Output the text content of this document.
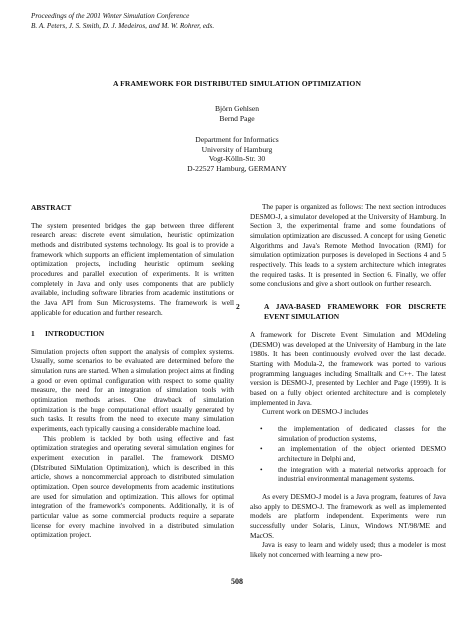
Proceedings of the 2001 Winter Simulation Conference
B. A. Peters, J. S. Smith, D. J. Medeiros, and M. W. Rohrer, eds.
A FRAMEWORK FOR DISTRIBUTED SIMULATION OPTIMIZATION
Björn Gehlsen
Bernd Page
Department for Informatics
University of Hamburg
Vogt-Kölln-Str. 30
D-22527 Hamburg, GERMANY
ABSTRACT

The system presented bridges the gap between three different research areas: discrete event simulation, heuristic optimization methods and distributed systems technology. Its goal is to provide a framework which supports an efficient implementation of simulation optimization projects, including heuristic optimum seeking procedures and parallel execution of experiments. It is written completely in Java and only uses components that are publicly available, including software libraries from academic institutions or the Java API from Sun Microsystems. The framework is well applicable for education and further research.

1 INTRODUCTION

Simulation projects often support the analysis of complex systems. Usually, some scenarios to be evaluated are determined before the simulation runs are started. When a simulation project aims at finding a good or even optimal configuration with respect to some quality measure, the need for an integration of simulation tools with optimization methods arises. One drawback of simulation optimization is the huge computational effort usually generated by such tasks. It results from the need to execute many simulation experiments, each typically causing a considerable machine load.

This problem is tackled by both using effective and fast optimization strategies and operating several simulation engines for experiment execution in parallel. The framework DISMO (DIstributed SiMulation Optimization), which is described in this article, shows a noncommercial approach to distributed simulation optimization. Open source developments from academic institutions are used for simulation and optimization. This allows for optimal integration of the framework's components. Additionally, it is of particular value as some commercial products require a separate license for every machine involved in a distributed simulation optimization project.

The paper is organized as follows: The next section introduces DESMO-J, a simulator developed at the University of Hamburg. In Section 3, the experimental frame and some foundations of simulation optimization are discussed. A concept for using Genetic Algorithms and Java's Remote Method Invocation (RMI) for simulation optimization purposes is developed in Sections 4 and 5 respectively. This leads to a system architecture which integrates the required tasks. It is presented in Section 6. Finally, we offer some conclusions and give a short outlook on further research.

2	A JAVA-BASED FRAMEWORK FOR DISCRETE EVENT SIMULATION

A framework for Discrete Event Simulation and MOdeling (DESMO) was developed at the University of Hamburg in the late 1980s. It has been continuously evolved over the last decade. Starting with Modula-2, the framework was ported to various programming languages including Smalltalk and C++. The latest version is DESMO-J, presented by Lechler and Page (1999). It is based on a fully object oriented architecture and is completely implemented in Java.

Current work on DESMO-J includes

• the implementation of dedicated classes for the simulation of production systems,
• an implementation of the object oriented DESMO architecture in Delphi and,
• the integration with a material networks approach for industrial environmental management systems.

As every DESMO-J model is a Java program, features of Java also apply to DESMO-J. The framework as well as implemented models are platform independent. Experiments were run successfully under Solaris, Linux, Windows NT/98/ME and MacOS.

Java is easy to learn and widely used; thus a modeler is most likely not concerned with learning a new pro-

508
